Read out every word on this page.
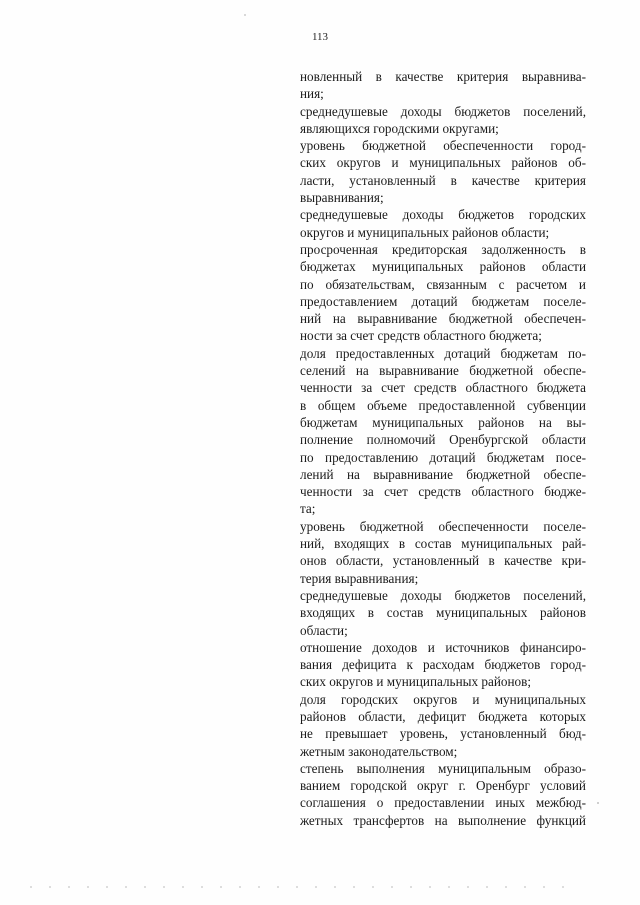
113
новленный в качестве критерия выравнива-
ния;
среднедушевые доходы бюджетов поселений,
являющихся городскими округами;
уровень бюджетной обеспеченности город-
ских округов и муниципальных районов об-
ласти, установленный в качестве критерия
выравнивания;
среднедушевые доходы бюджетов городских
округов и муниципальных районов области;
просроченная кредиторская задолженность в
бюджетах муниципальных районов области
по обязательствам, связанным с расчетом и
предоставлением дотаций бюджетам поселе-
ний на выравнивание бюджетной обеспечен-
ности за счет средств областного бюджета;
доля предоставленных дотаций бюджетам по-
селений на выравнивание бюджетной обеспе-
ченности за счет средств областного бюджета
в общем объеме предоставленной субвенции
бюджетам муниципальных районов на вы-
полнение полномочий Оренбургской области
по предоставлению дотаций бюджетам посе-
лений на выравнивание бюджетной обеспе-
ченности за счет средств областного бюдже-
та;
уровень бюджетной обеспеченности поселе-
ний, входящих в состав муниципальных рай-
онов области, установленный в качестве кри-
терия выравнивания;
среднедушевые доходы бюджетов поселений,
входящих в состав муниципальных районов
области;
отношение доходов и источников финансиро-
вания дефицита к расходам бюджетов город-
ских округов и муниципальных районов;
доля городских округов и муниципальных
районов области, дефицит бюджета которых
не превышает уровень, установленный бюд-
жетным законодательством;
степень выполнения муниципальным образо-
ванием городской округ г. Оренбург условий
соглашения о предоставлении иных межбюд-
жетных трансфертов на выполнение функций
